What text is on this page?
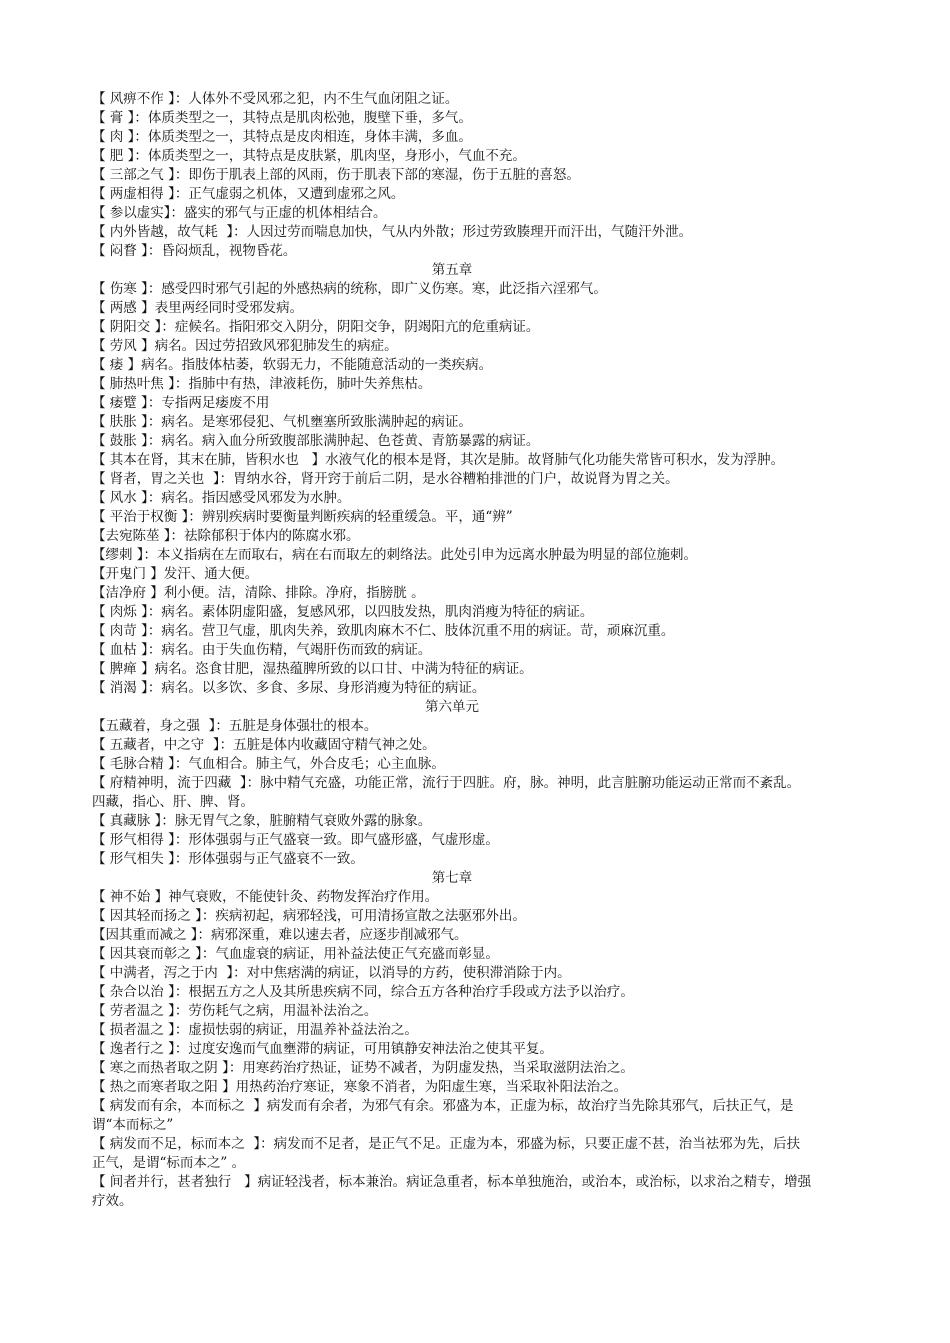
【 风痹不作 】：人体外不受风邪之犯，内不生气血闭阻之证。

【 膏 】：体质类型之一，其特点是肌肉松弛，腹壁下垂，多气。

【 肉 】：体质类型之一，其特点是皮肉相连，身体丰满，多血。

【 肥 】：体质类型之一，其特点是皮肤紧，肌肉坚，身形小，气血不充。

【 三部之气 】：即伤于肌表上部的风雨，伤于肌表下部的寒湿，伤于五脏的喜怒。

【 两虚相得 】：正气虚弱之机体，又遭到虚邪之风。

【 参以虚实】：盛实的邪气与正虚的机体相结合。

【 内外皆越，故气耗  】：人因过劳而喘息加快，气从内外散；形过劳致腠理开而汗出，气随汗外泄。

【 闷瞀 】：昏闷烦乱，视物昏花。

第五章

【 伤寒 】：感受四时邪气引起的外感热病的统称，即广义伤寒。寒，此泛指六淫邪气。

【 两感 】表里两经同时受邪发病。

【 阴阳交 】：症候名。指阳邪交入阴分，阴阳交争，阴竭阳亢的危重病证。

【 劳风 】病名。因过劳招致风邪犯肺发生的病症。

【 痿 】病名。指肢体枯萎，软弱无力，不能随意活动的一类疾病。

【 肺热叶焦 】：指肺中有热，津液耗伤，肺叶失养焦枯。

【 痿躄 】：专指两足痿废不用

【 肤胀 】：病名。是寒邪侵犯、气机壅塞所致胀满肿起的病证。

【 鼓胀 】：病名。病入血分所致腹部胀满肿起、色苍黄、青筋暴露的病证。

【 其本在肾，其末在肺，皆积水也   】水液气化的根本是肾，其次是肺。故肾肺气化功能失常皆可积水，发为浮肿。

【 肾者，胃之关也  】：胃纳水谷，肾开窍于前后二阴，是水谷糟粕排泄的门户，故说肾为胃之关。

【 风水 】：病名。指因感受风邪发为水肿。

【 平治于权衡 】：辨别疾病时要衡量判断疾病的轻重缓急。平，通“辨”

【去宛陈莝 】：祛除郁积于体内的陈腐水邪。

【缪刺 】：本义指病在左而取右，病在右而取左的刺络法。此处引申为远离水肿最为明显的部位施刺。

【开鬼门 】发汗、通大便。

【洁净府 】利小便。洁，清除、排除。净府，指膀胱 。

【 肉烁 】：病名。素体阴虚阳盛，复感风邪，以四肢发热，肌肉消瘦为特征的病证。

【 肉苛 】：病名。营卫气虚，肌肉失养，致肌肉麻木不仁、肢体沉重不用的病证。苛，顽麻沉重。

【 血枯 】：病名。由于失血伤精，气竭肝伤而致的病证。

【 脾瘅 】病名。恣食甘肥，湿热蕴脾所致的以口甘、中满为特征的病证。

【 消渴 】：病名。以多饮、多食、多尿、身形消瘦为特征的病证。

第六单元

【五藏着，身之强  】：五脏是身体强壮的根本。

【 五藏者，中之守  】：五脏是体内收藏固守精气神之处。

【 毛脉合精 】：气血相合。肺主气，外合皮毛；心主血脉。

【 府精神明，流于四藏  】：脉中精气充盛，功能正常，流行于四脏。府，脉。神明，此言脏腑功能运动正常而不紊乱。四藏，指心、肝、脾、肾。

【 真藏脉 】：脉无胃气之象，脏腑精气衰败外露的脉象。

【 形气相得 】：形体强弱与正气盛衰一致。即气盛形盛，气虚形虚。

【 形气相失 】：形体强弱与正气盛衰不一致。

第七章

【 神不始 】神气衰败，不能使针灸、药物发挥治疗作用。

【 因其轻而扬之 】：疾病初起，病邪轻浅，可用清扬宣散之法驱邪外出。

【因其重而减之 】：病邪深重，难以速去者，应逐步削减邪气。

【 因其衰而彰之 】：气血虚衰的病证，用补益法使正气充盛而彰显。

【 中满者，泻之于内  】：对中焦痞满的病证，以消导的方药，使积滞消除于内。

【 杂合以治 】：根据五方之人及其所患疾病不同，综合五方各种治疗手段或方法予以治疗。

【 劳者温之 】：劳伤耗气之病，用温补法治之。

【 损者温之 】：虚损怯弱的病证，用温养补益法治之。

【 逸者行之 】：过度安逸而气血壅滞的病证，可用镇静安神法治之使其平复。

【 寒之而热者取之阴 】：用寒药治疗热证，证势不减者，为阴虚发热，当采取滋阴法治之。

【 热之而寒者取之阳 】用热药治疗寒证，寒象不消者，为阳虚生寒，当采取补阳法治之。

【 病发而有余，本而标之  】病发而有余者，为邪气有余。邪盛为本，正虚为标，故治疗当先除其邪气，后扶正气，是谓“本而标之”

【 病发而不足，标而本之  】：病发而不足者，是正气不足。正虚为本，邪盛为标，只要正虚不甚，治当祛邪为先，后扶正气，是谓“标而本之” 。

【 间者并行，甚者独行   】病证轻浅者，标本兼治。病证急重者，标本单独施治，或治本，或治标，以求治之精专，增强疗效。
